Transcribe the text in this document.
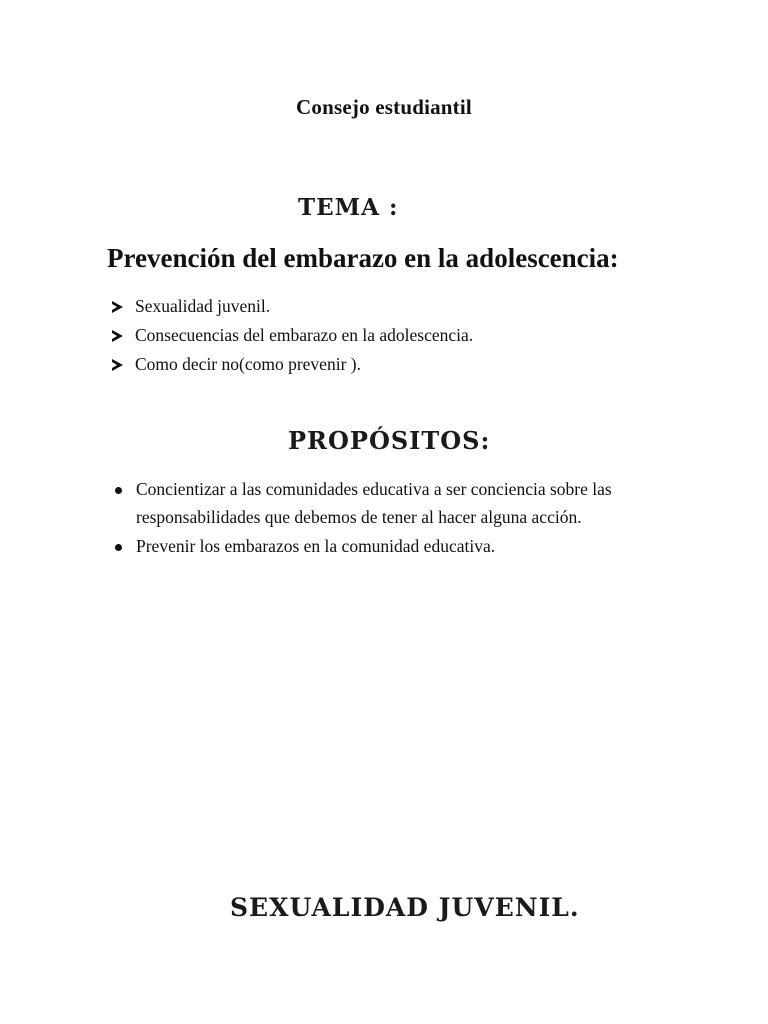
Consejo estudiantil
TEMA :
Prevención del embarazo en la adolescencia:
Sexualidad juvenil.
Consecuencias del embarazo en la adolescencia.
Como decir no(como prevenir ).
PROPÓSITOS:
Concientizar a las comunidades educativa a ser conciencia sobre las responsabilidades que debemos de tener al hacer alguna acción.
Prevenir los embarazos en la comunidad educativa.
SEXUALIDAD JUVENIL.
